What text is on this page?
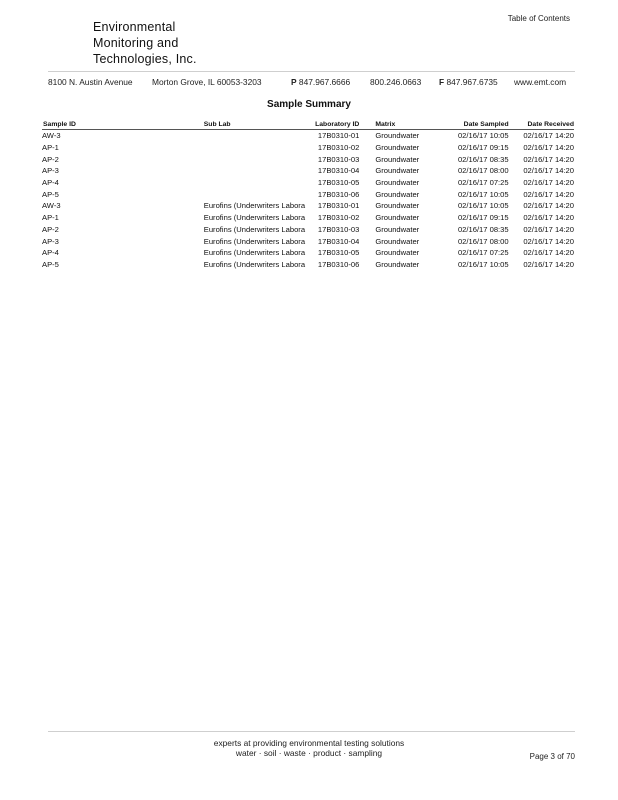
Table of Contents
Environmental
Monitoring and
Technologies, Inc.
8100 N. Austin Avenue Morton Grove, IL 60053-3203	P 847.967.6666 800.246.0663 F 847.967.6735 www.emt.com
Sample Summary
Sample ID	Sub Lab	Laboratory ID	Matrix	Date Sampled	Date Received
AW-3		17B0310-01	Groundwater	02/16/17 10:05	02/16/17 14:20
AP-1		17B0310-02	Groundwater	02/16/17 09:15	02/16/17 14:20
AP-2		17B0310-03	Groundwater	02/16/17 08:35	02/16/17 14:20
AP-3		17B0310-04	Groundwater	02/16/17 08:00	02/16/17 14:20
AP-4		17B0310-05	Groundwater	02/16/17 07:25	02/16/17 14:20
AP-5		17B0310-06	Groundwater	02/16/17 10:05	02/16/17 14:20
AW-3	Eurofins (Underwriters Labora	17B0310-01	Groundwater	02/16/17 10:05	02/16/17 14:20
AP-1	Eurofins (Underwriters Labora	17B0310-02	Groundwater	02/16/17 09:15	02/16/17 14:20
AP-2	Eurofins (Underwriters Labora	17B0310-03	Groundwater	02/16/17 08:35	02/16/17 14:20
AP-3	Eurofins (Underwriters Labora	17B0310-04	Groundwater	02/16/17 08:00	02/16/17 14:20
AP-4	Eurofins (Underwriters Labora	17B0310-05	Groundwater	02/16/17 07:25	02/16/17 14:20
AP-5	Eurofins (Underwriters Labora	17B0310-06	Groundwater	02/16/17 10:05	02/16/17 14:20
experts at providing environmental testing solutions
water · soil · waste · product · sampling	Page 3 of 70
